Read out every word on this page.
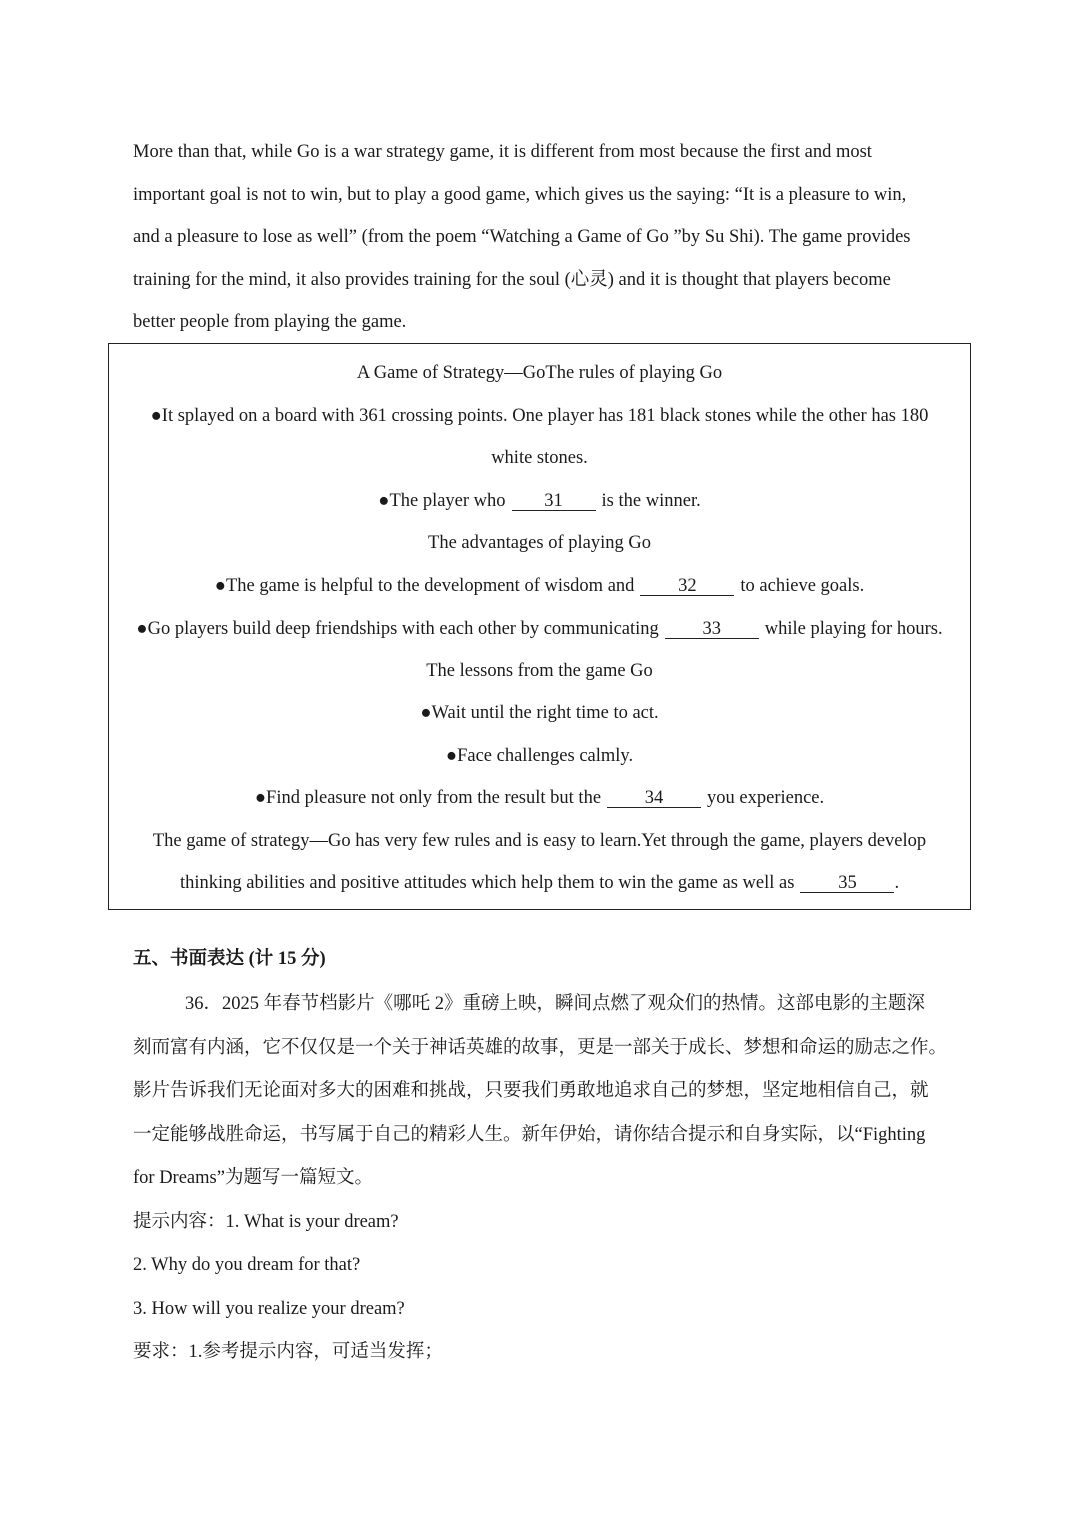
More than that, while Go is a war strategy game, it is different from most because the first and most
important goal is not to win, but to play a good game, which gives us the saying: “It is a pleasure to win,
and a pleasure to lose as well” (from the poem “Watching a Game of Go ”by Su Shi). The game provides
training for the mind, it also provides training for the soul (心灵) and it is thought that players become
better people from playing the game.
A Game of Strategy—GoThe rules of playing Go
●It splayed on a board with 361 crossing points. One player has 181 black stones while the other has 180
white stones.
●The player who 31 is the winner.
The advantages of playing Go
●The game is helpful to the development of wisdom and 32 to achieve goals.
●Go players build deep friendships with each other by communicating 33 while playing for hours.
The lessons from the game Go
●Wait until the right time to act.
●Face challenges calmly.
●Find pleasure not only from the result but the 34 you experience.
The game of strategy—Go has very few rules and is easy to learn.Yet through the game, players develop
thinking abilities and positive attitudes which help them to win the game as well as 35 .
五、书面表达 (计 15 分)
36．2025 年春节档影片《哪吒 2》重磅上映，瞬间点燃了观众们的热情。这部电影的主题深
刻而富有内涵，它不仅仅是一个关于神话英雄的故事，更是一部关于成长、梦想和命运的励志之作。
影片告诉我们无论面对多大的困难和挑战，只要我们勇敢地追求自己的梦想，坚定地相信自己，就
一定能够战胜命运，书写属于自己的精彩人生。新年伊始，请你结合提示和自身实际，以“Fighting
for Dreams”为题写一篇短文。
提示内容：1. What is your dream?
2. Why do you dream for that?
3. How will you realize your dream?
要求：1.参考提示内容，可适当发挥；
